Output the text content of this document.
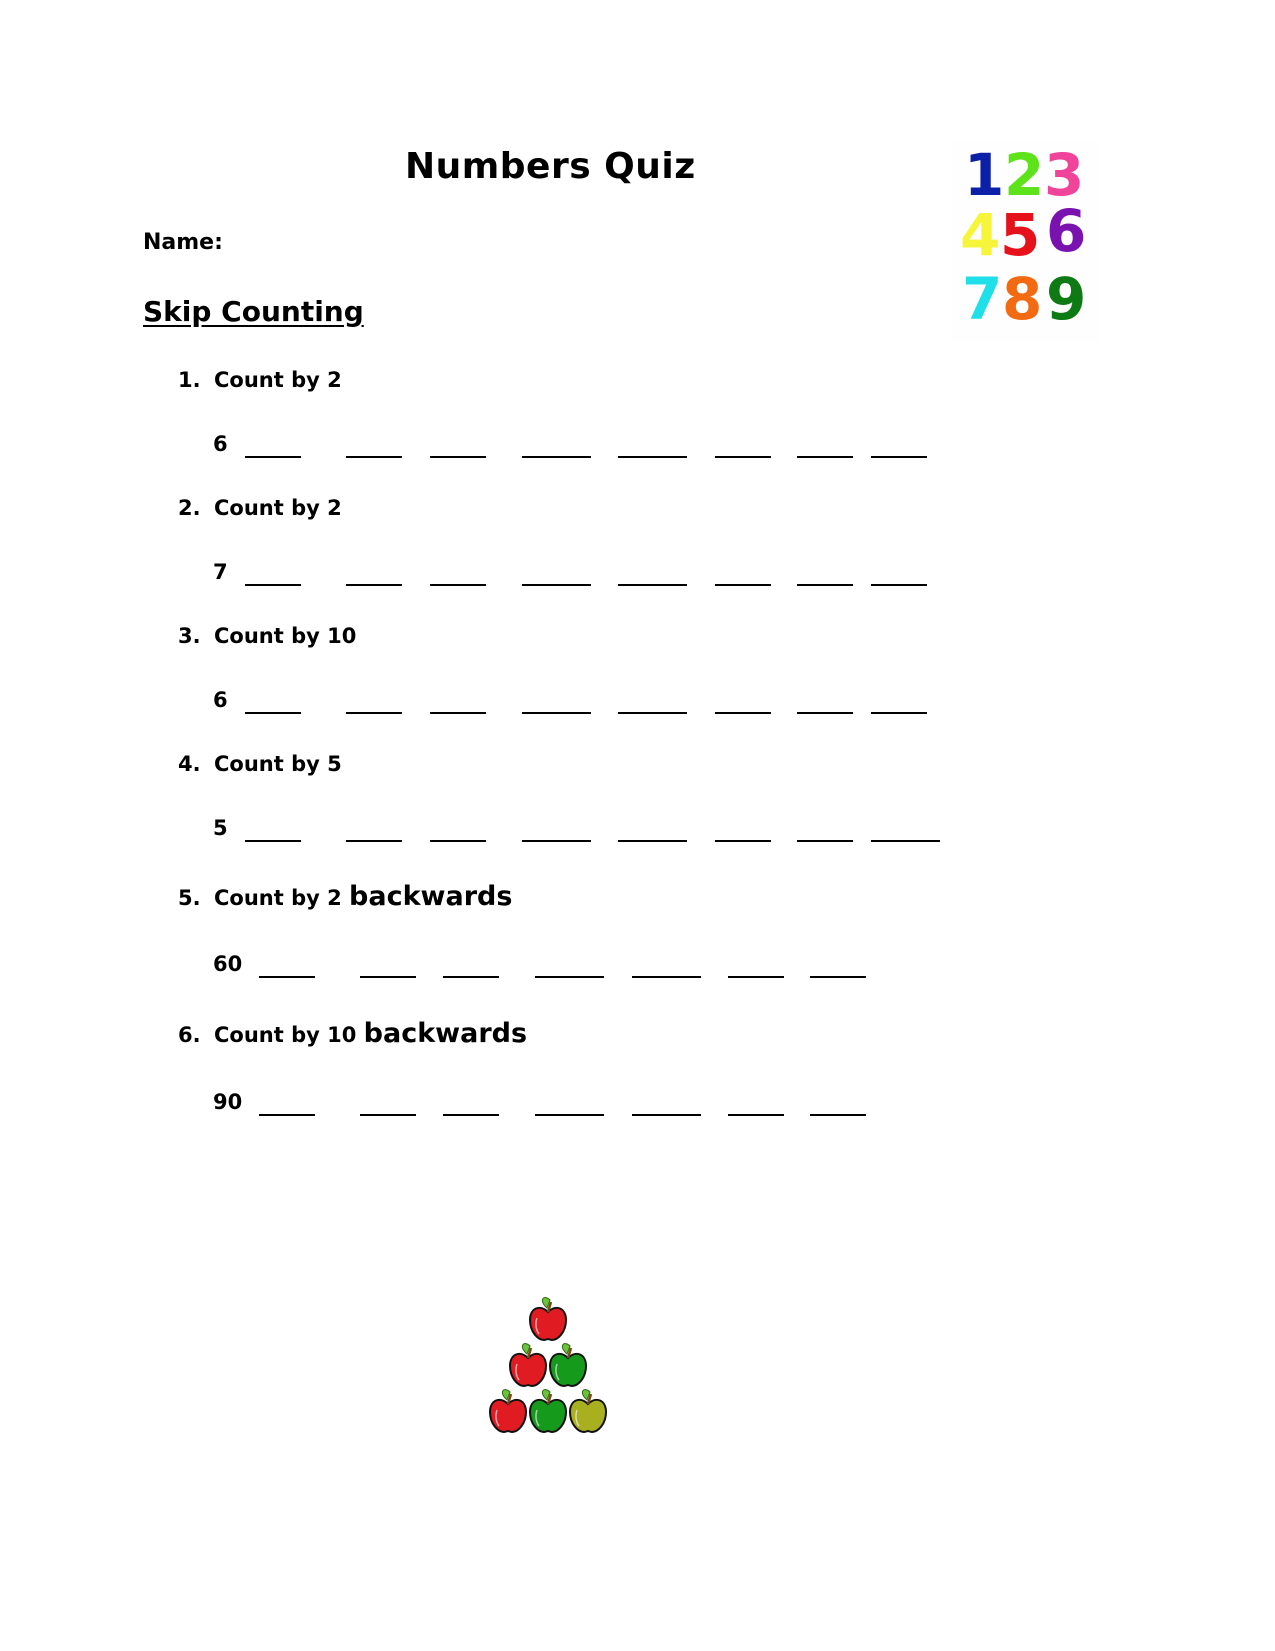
Numbers Quiz
Name:
Skip Counting
1 2 3
4 5 6
7 8 9
1. Count by 2
6
2. Count by 2
7
3. Count by 10
6
4. Count by 5
5
5. Count by 2 backwards
60
6. Count by 10 backwards
90
